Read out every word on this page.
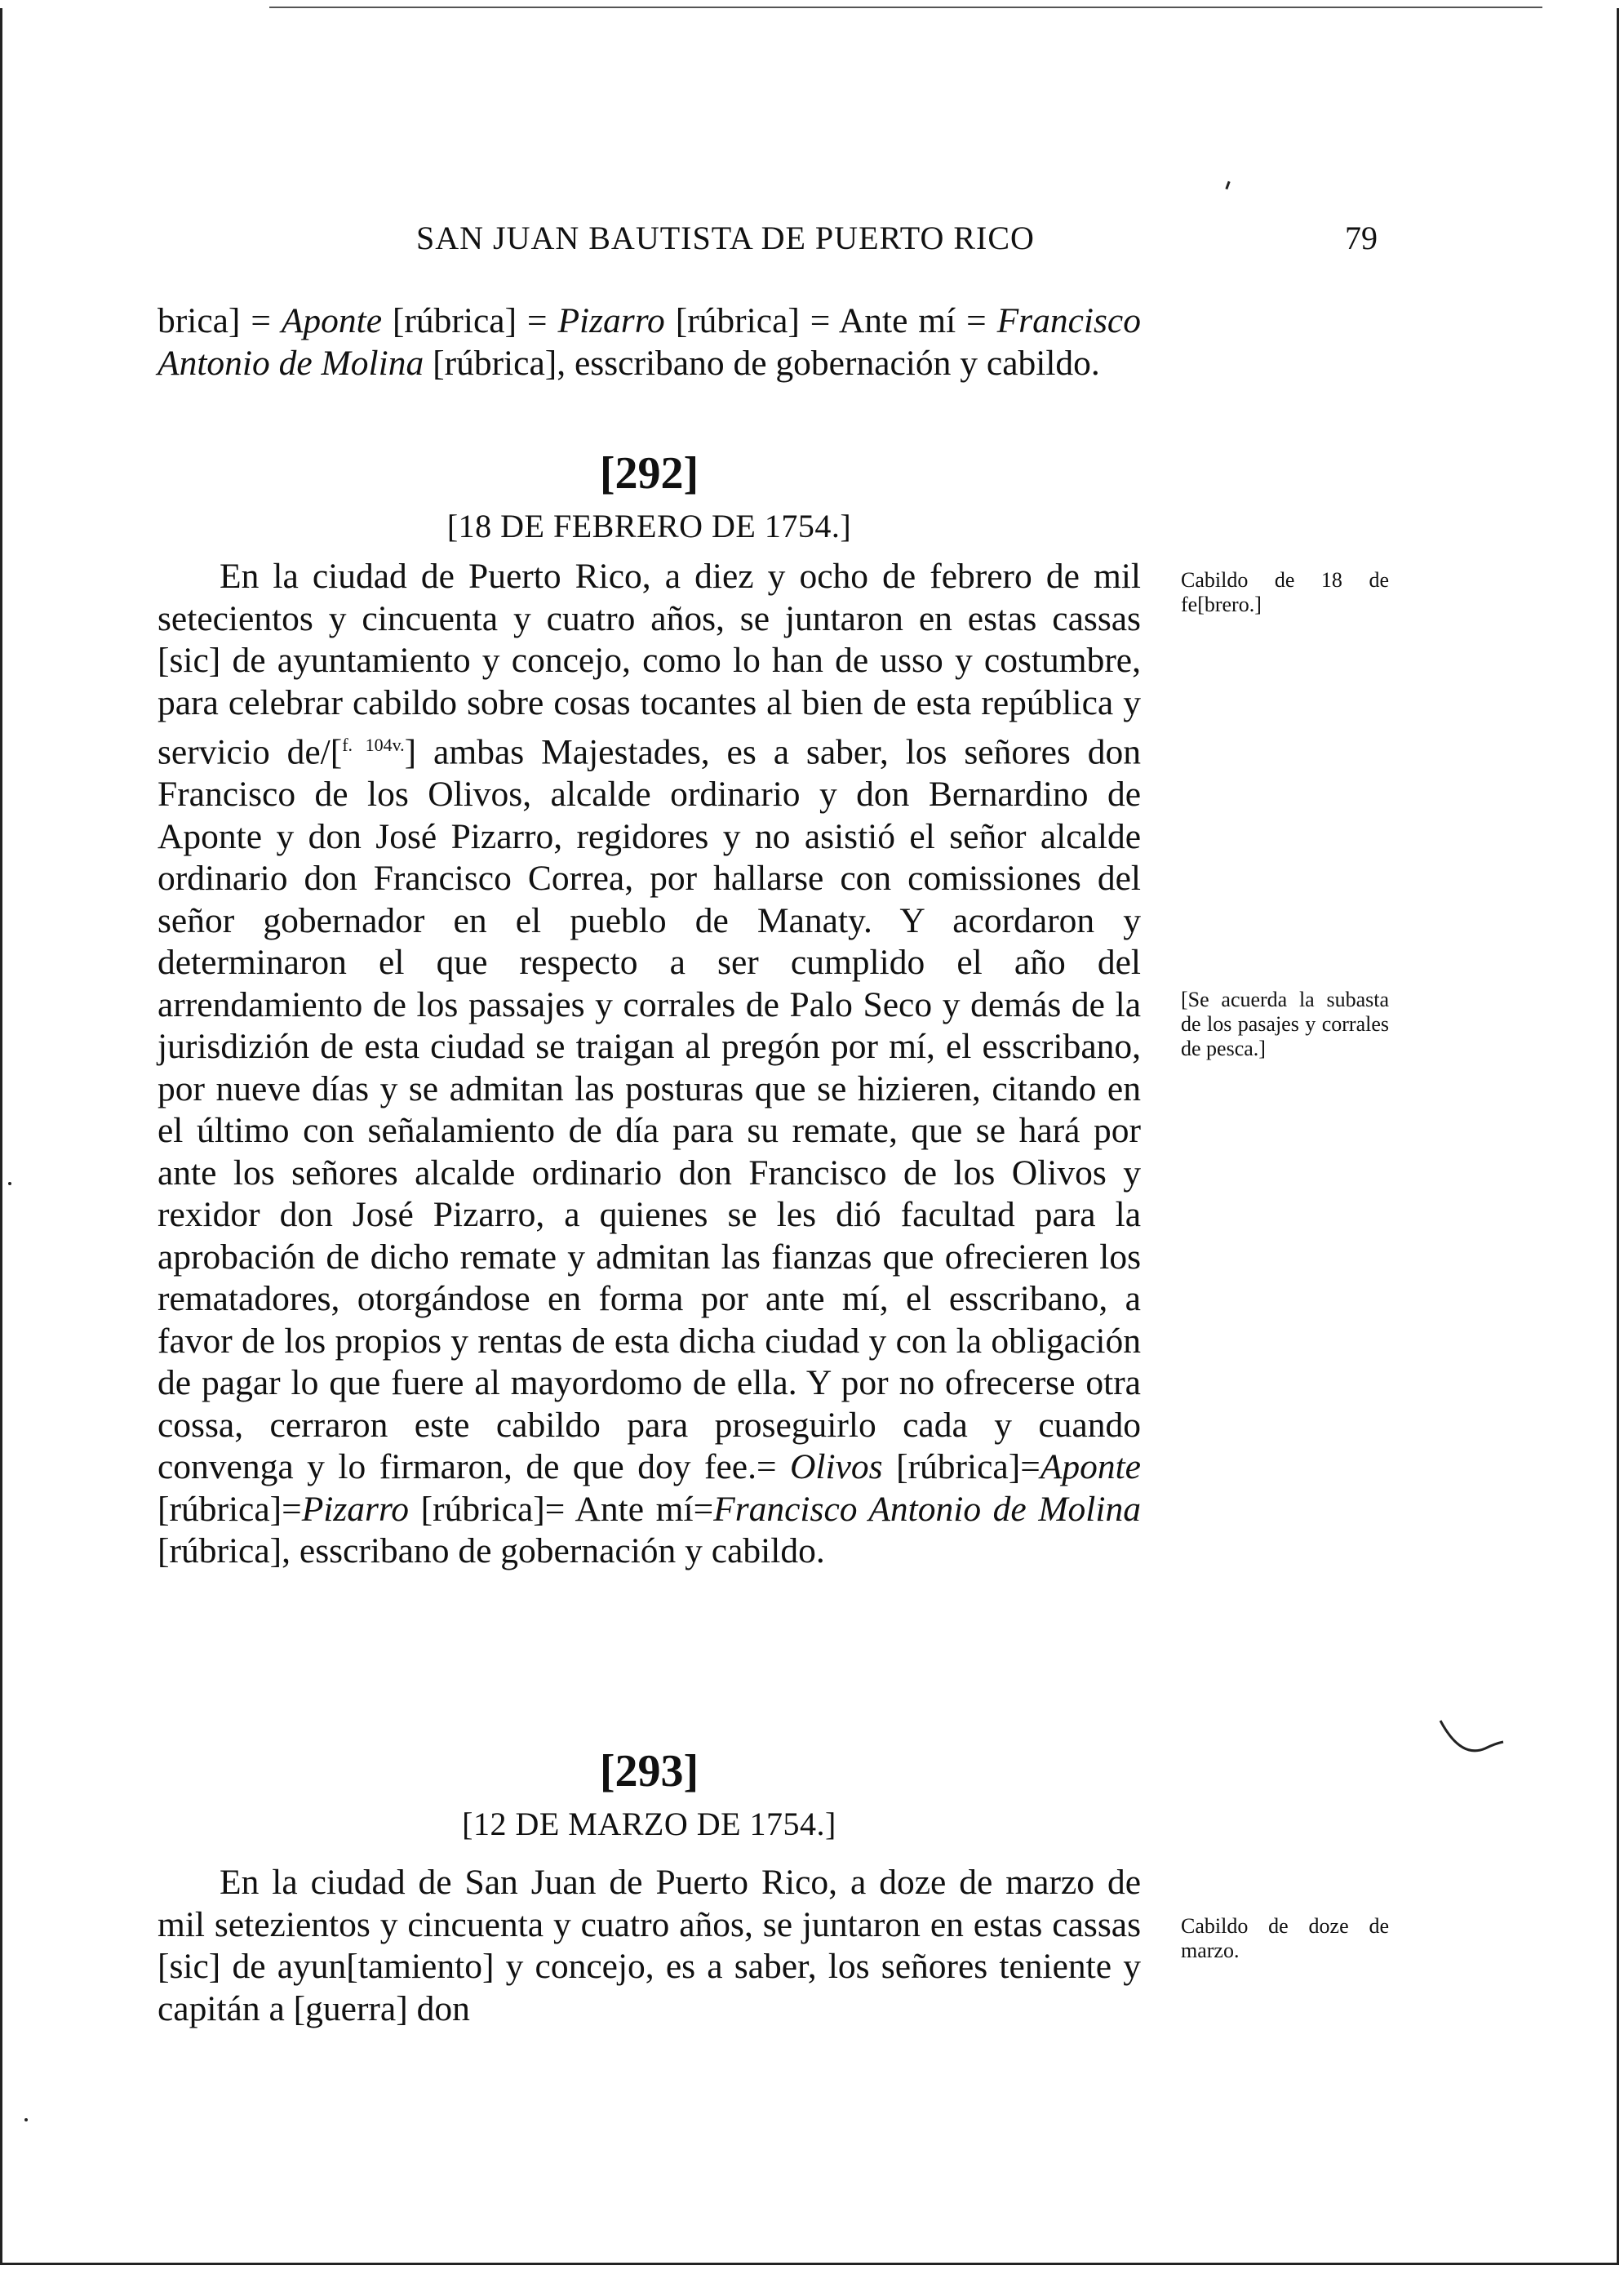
SAN JUAN BAUTISTA DE PUERTO RICO	79

brica] = Aponte [rúbrica] = Pizarro [rúbrica] = Ante mí = Francisco Antonio de Molina [rúbrica], esscribano de gobernación y cabildo.

[292]
[18 DE FEBRERO DE 1754.]

En la ciudad de Puerto Rico, a diez y ocho de febrero de mil setecientos y cincuenta y cuatro años, se juntaron en estas cassas [sic] de ayuntamiento y concejo, como lo han de usso y costumbre, para celebrar cabildo sobre cosas tocantes al bien de esta república y servicio de/[$^{f. 104v.}$] ambas Majestades, es a saber, los señores don Francisco de los Olivos, alcalde ordinario y don Bernardino de Aponte y don José Pizarro, regidores y no asistió el señor alcalde ordinario don Francisco Correa, por hallarse con comissiones del señor gobernador en el pueblo de Manaty. Y acordaron y determinaron el que respecto a ser cumplido el año del arrendamiento de los passajes y corrales de Palo Seco y demás de la jurisdizión de esta ciudad se traigan al pregón por mí, el esscribano, por nueve días y se admitan las posturas que se hizieren, citando en el último con señalamiento de día para su remate, que se hará por ante los señores alcalde ordinario don Francisco de los Olivos y rexidor don José Pizarro, a quienes se les dió facultad para la aprobación de dicho remate y admitan las fianzas que ofrecieren los rematadores, otorgándose en forma por ante mí, el esscribano, a favor de los propios y rentas de esta dicha ciudad y con la obligación de pagar lo que fuere al mayordomo de ella. Y por no ofrecerse otra cossa, cerraron este cabildo para proseguirlo cada y cuando convenga y lo firmaron, de que doy fee.= Olivos [rúbrica]=Aponte [rúbrica]=Pizarro [rúbrica]= Ante mí=Francisco Antonio de Molina [rúbrica], esscribano de gobernación y cabildo.

Cabildo de 18 de fe[brero.]
[Se acuerda la subasta de los pasajes y corrales de pesca.]
[293]
[12 DE MARZO DE 1754.]

En la ciudad de San Juan de Puerto Rico, a doze de marzo de mil setezientos y cincuenta y cuatro años, se juntaron en estas cassas [sic] de ayun[tamiento] y concejo, es a saber, los señores teniente y capitán a [guerra] don

Cabildo de doze de marzo.
